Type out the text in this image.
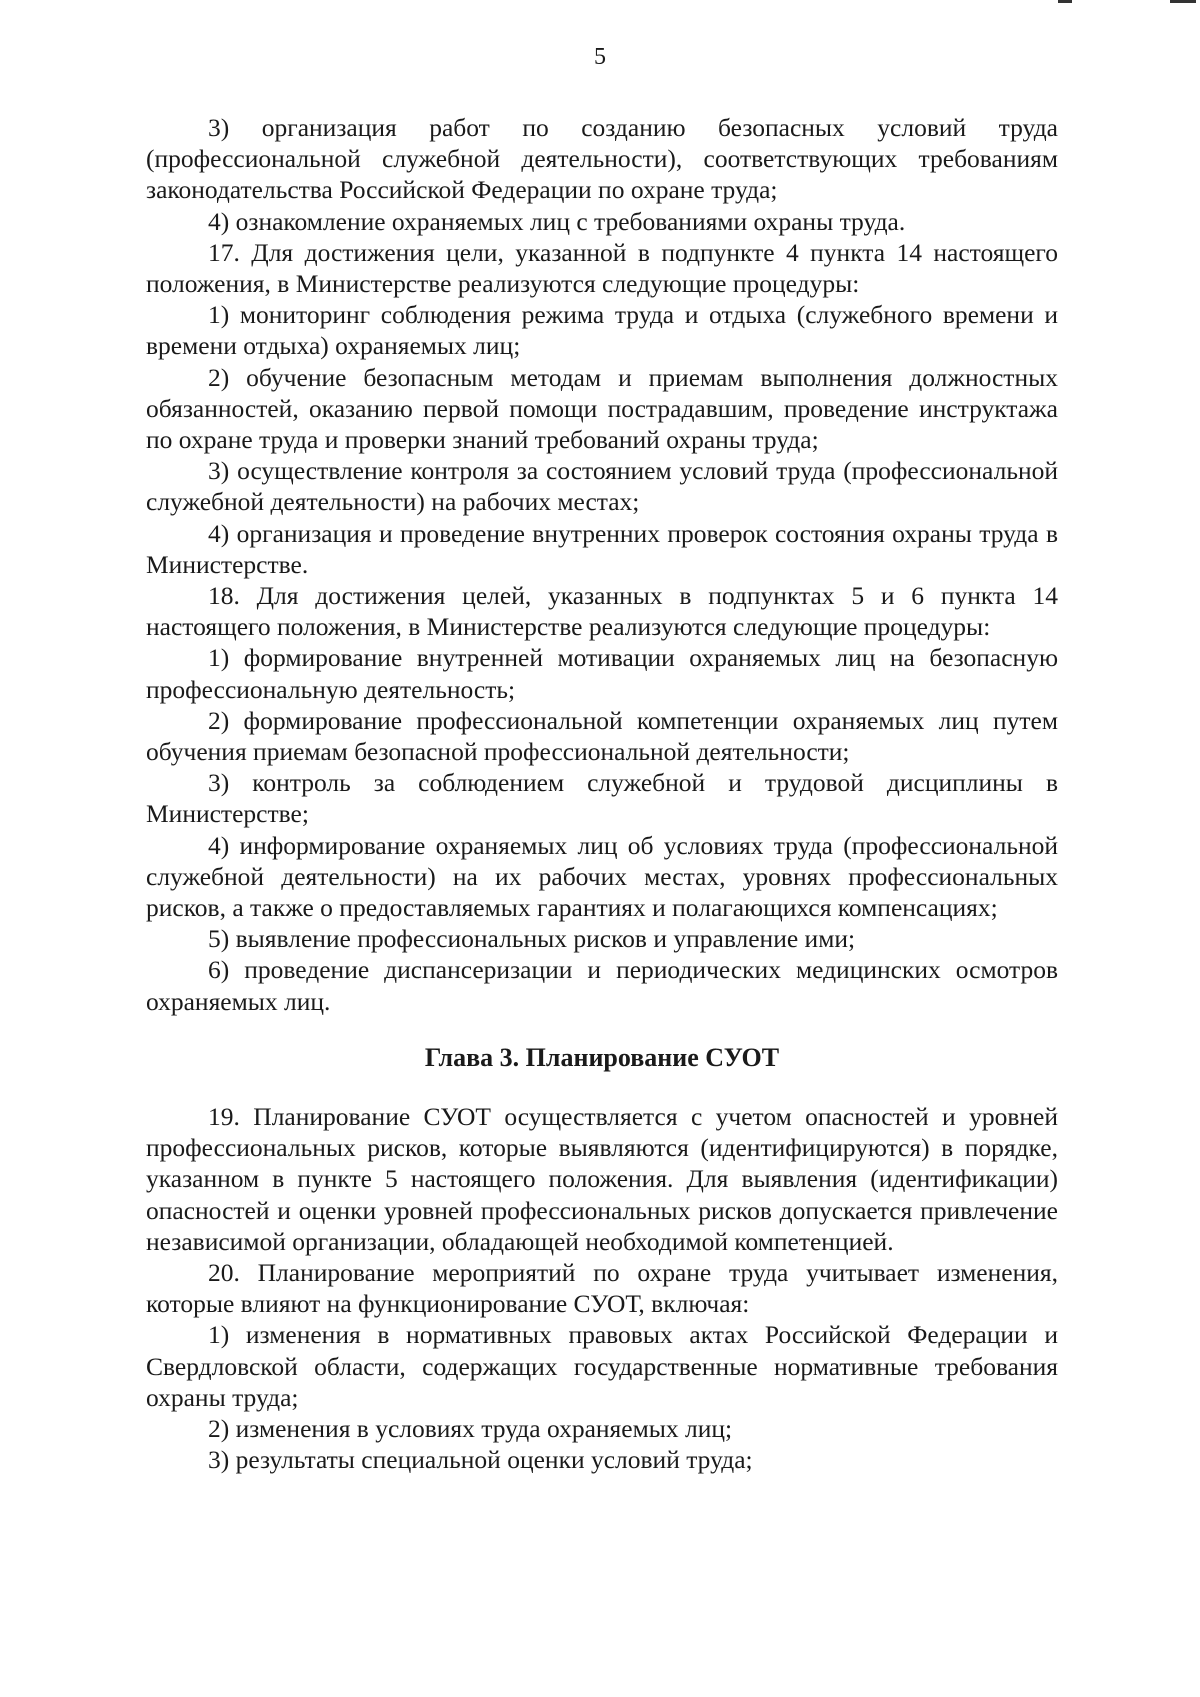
5

3) организация работ по созданию безопасных условий труда (профессиональной служебной деятельности), соответствующих требованиям законодательства Российской Федерации по охране труда;

4) ознакомление охраняемых лиц с требованиями охраны труда.

17. Для достижения цели, указанной в подпункте 4 пункта 14 настоящего положения, в Министерстве реализуются следующие процедуры:

1) мониторинг соблюдения режима труда и отдыха (служебного времени и времени отдыха) охраняемых лиц;

2) обучение безопасным методам и приемам выполнения должностных обязанностей, оказанию первой помощи пострадавшим, проведение инструктажа по охране труда и проверки знаний требований охраны труда;

3) осуществление контроля за состоянием условий труда (профессиональной служебной деятельности) на рабочих местах;

4) организация и проведение внутренних проверок состояния охраны труда в Министерстве.

18. Для достижения целей, указанных в подпунктах 5 и 6 пункта 14 настоящего положения, в Министерстве реализуются следующие процедуры:

1) формирование внутренней мотивации охраняемых лиц на безопасную профессиональную деятельность;

2) формирование профессиональной компетенции охраняемых лиц путем обучения приемам безопасной профессиональной деятельности;

3) контроль за соблюдением служебной и трудовой дисциплины в Министерстве;

4) информирование охраняемых лиц об условиях труда (профессиональной служебной деятельности) на их рабочих местах, уровнях профессиональных рисков, а также о предоставляемых гарантиях и полагающихся компенсациях;

5) выявление профессиональных рисков и управление ими;

6) проведение диспансеризации и периодических медицинских осмотров охраняемых лиц.

Глава 3. Планирование СУОТ

19. Планирование СУОТ осуществляется с учетом опасностей и уровней профессиональных рисков, которые выявляются (идентифицируются) в порядке, указанном в пункте 5 настоящего положения. Для выявления (идентификации) опасностей и оценки уровней профессиональных рисков допускается привлечение независимой организации, обладающей необходимой компетенцией.

20. Планирование мероприятий по охране труда учитывает изменения, которые влияют на функционирование СУОТ, включая:

1) изменения в нормативных правовых актах Российской Федерации и Свердловской области, содержащих государственные нормативные требования охраны труда;

2) изменения в условиях труда охраняемых лиц;

3) результаты специальной оценки условий труда;
